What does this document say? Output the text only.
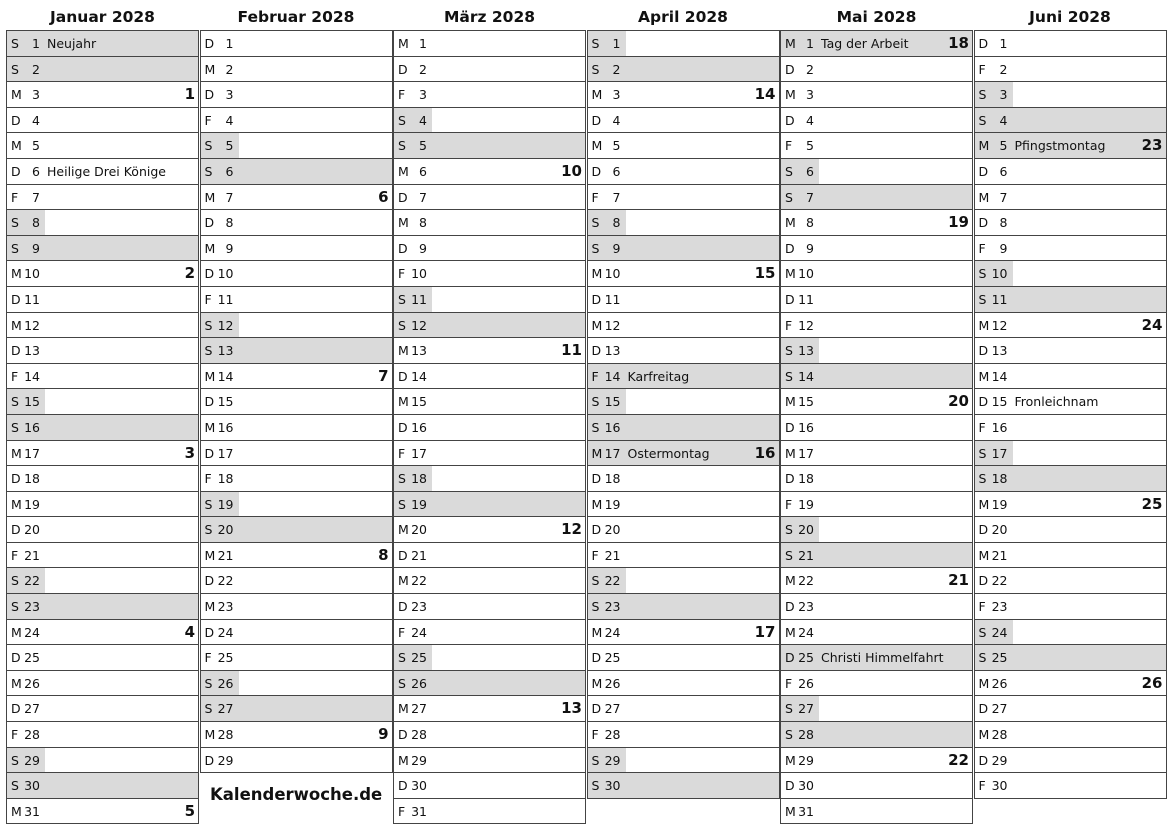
Januar 2028
S	1 Neujahr
S	2
M 3	1
D 4
M 5
D 6 Heilige Drei Könige
F	7
S	8
S	9
M 10	2
D 11
M 12
D 13
F 14
S 15
S 16
M 17	3
D 18
M 19
D 20
F 21
S 22
S 23
M 24	4
D 25
M 26
D 27
F 28
S 29
S 30
M 31	5
Februar 2028
D 1
M 2
D 3
F	4
S	5
S	6
M 7	6
D 8
M 9
D 10
F 11
S 12
S 13
M 14	7
D 15
M 16
D 17
F 18
S 19
S 20
M 21	8
D 22
M 23
D 24
F 25
S 26
S 27
M 28	9
D 29
März 2028
M 1
D 2
F	3
S	4
S	5
M 6	10
D 7
M 8
D 9
F 10
S 11
S 12
M 13	11
D 14
M 15
D 16
F 17
S 18
S 19
M 20	12
D 21
M 22
D 23
F 24
S 25
S 26
M 27	13
D 28
M 29
D 30
F 31
April 2028
S	1
S	2
M 3	14
D 4
M 5
D 6
F	7
S	8
S	9
M 10	15
D 11
M 12
D 13
F 14 Karfreitag
S 15
S 16
M 17 Ostermontag	16
D 18
M 19
D 20
F 21
S 22
S 23
M 24	17
D 25
M 26
D 27
F 28
S 29
S 30
Mai 2028
M 1 Tag der Arbeit	18
D 2
M 3
D 4
F	5
S	6
S	7
M 8	19
D 9
M 10
D 11
F 12
S 13
S 14
M 15	20
D 16
M 17
D 18
F 19
S 20
S 21
M 22	21
D 23
M 24
D 25 Christi Himmelfahrt
F 26
S 27
S 28
M 29	22
D 30
M 31
Juni 2028
D 1
F	2
S	3
S	4
M 5 Pfingstmontag 23
D 6
M 7
D 8
F	9
S 10
S 11
M 12	24
D 13
M 14
D 15 Fronleichnam
F 16
S 17
S 18
M 19	25
D 20
M 21
D 22
F 23
S 24
S 25
M 26	26
D 27
M 28
D 29
F 30
Kalenderwoche.de
